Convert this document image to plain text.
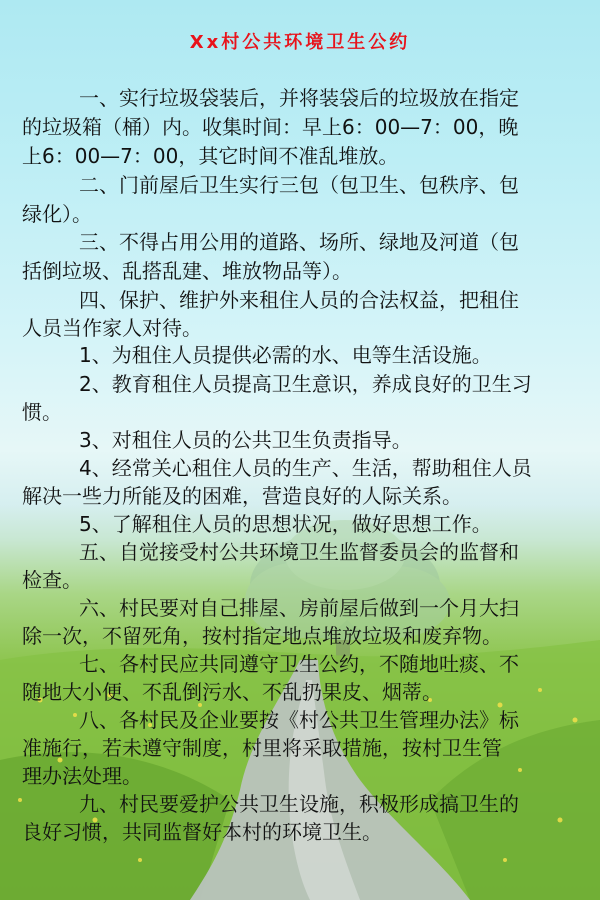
Ⅹx村公共环境卫生公约
一、实行垃圾袋装后，并将装袋后的垃圾放在指定
的垃圾箱（桶）内。收集时间：早上6：00—7：00，晚
上6：00—7：00，其它时间不准乱堆放。
二、门前屋后卫生实行三包（包卫生、包秩序、包
绿化）。
三、不得占用公用的道路、场所、绿地及河道（包
括倒垃圾、乱搭乱建、堆放物品等）。
四、保护、维护外来租住人员的合法权益，把租住
人员当作家人对待。
1、为租住人员提供必需的水、电等生活设施。
2、教育租住人员提高卫生意识，养成良好的卫生习
惯。
3、对租住人员的公共卫生负责指导。
4、经常关心租住人员的生产、生活，帮助租住人员
解决一些力所能及的困难，营造良好的人际关系。
5、了解租住人员的思想状况，做好思想工作。
五、自觉接受村公共环境卫生监督委员会的监督和
检查。
六、村民要对自己排屋、房前屋后做到一个月大扫
除一次，不留死角，按村指定地点堆放垃圾和废弃物。
七、各村民应共同遵守卫生公约，不随地吐痰、不
随地大小便、不乱倒污水、不乱扔果皮、烟蒂。
八、各村民及企业要按《村公共卫生管理办法》标
准施行，若未遵守制度，村里将采取措施，按村卫生管
理办法处理。
九、村民要爱护公共卫生设施，积极形成搞卫生的
良好习惯，共同监督好本村的环境卫生。
